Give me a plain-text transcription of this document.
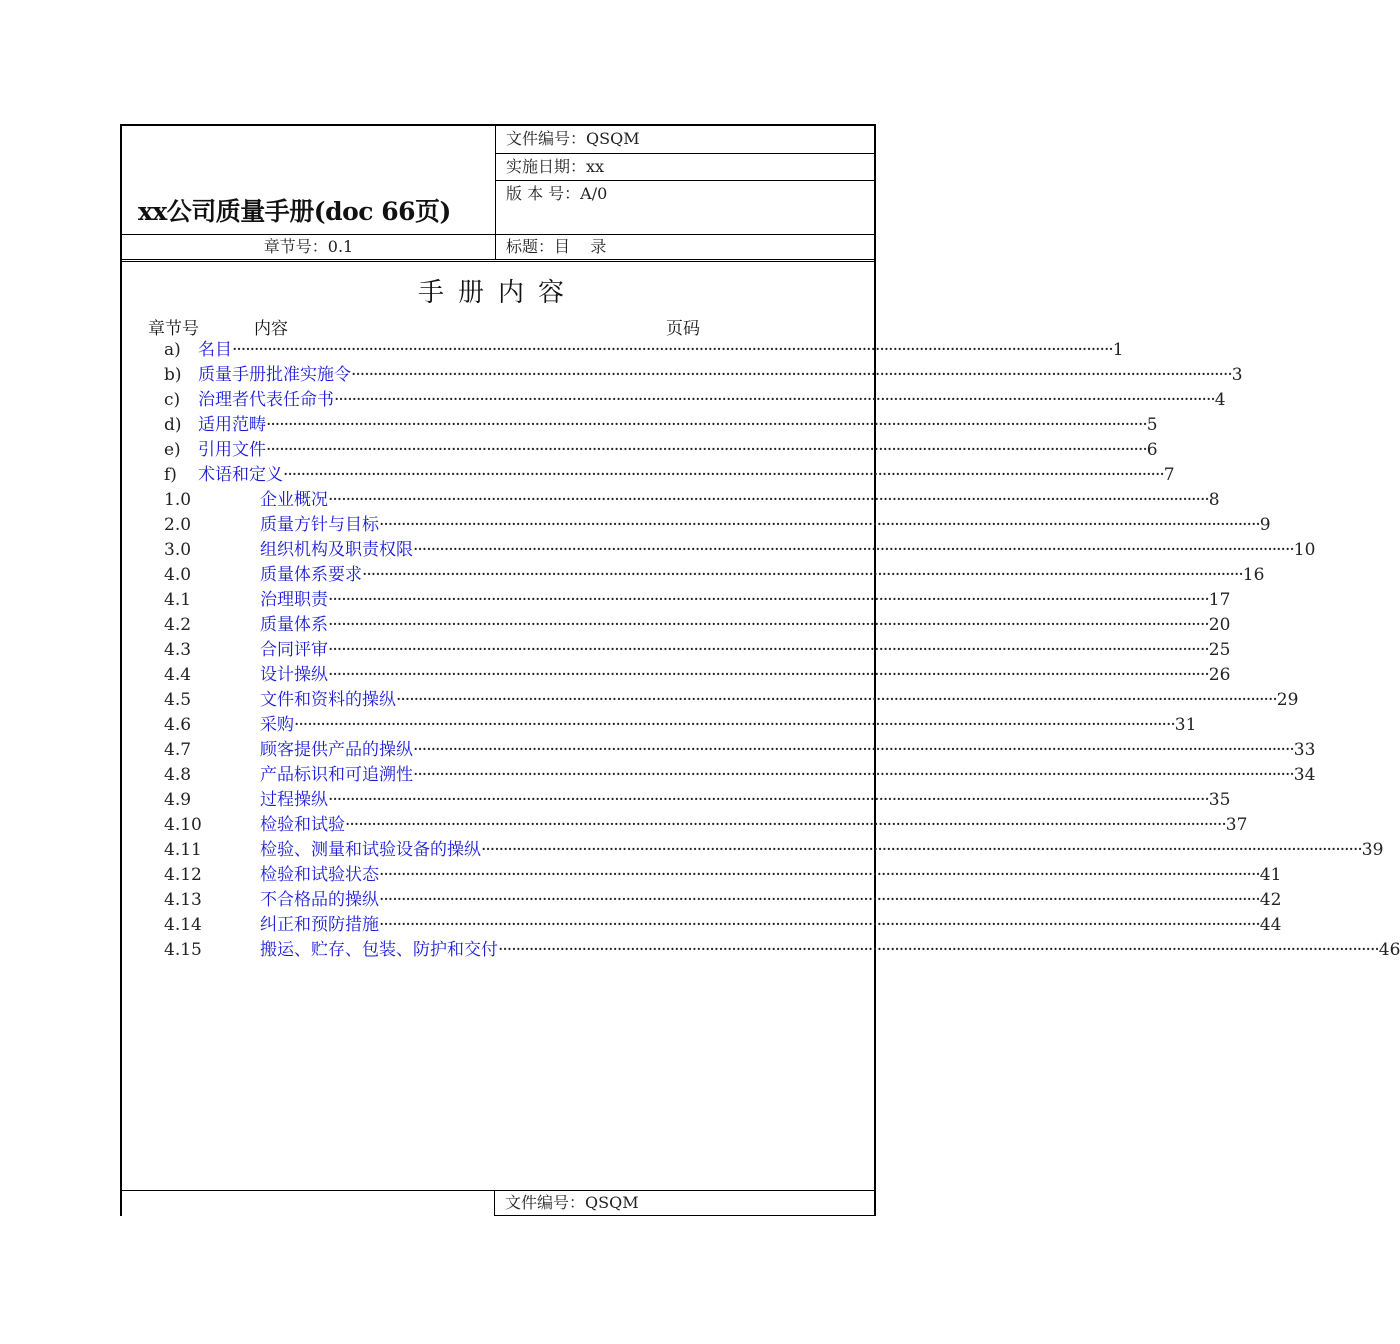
xx公司质量手册(doc 66页)
文件编号：QSQM
实施日期：xx
版 本 号：A/0
章节号：0.1	标题：目    录
手册内容
章节号	内容	页码
a) 名目 ········································································································································································································ 1
b) 质量手册批准实施令 ········································································································································································································ 3
c) 治理者代表任命书 ········································································································································································································ 4
d) 适用范畴 ········································································································································································································ 5
e) 引用文件 ········································································································································································································ 6
f) 术语和定义 ········································································································································································································ 7
1.0	企业概况 ········································································································································································································ 8
2.0	质量方针与目标 ········································································································································································································ 9
3.0	组织机构及职责权限 ········································································································································································································ 10
4.0	质量体系要求 ········································································································································································································ 16
4.1	治理职责 ········································································································································································································ 17
4.2	质量体系 ········································································································································································································ 20
4.3	合同评审 ········································································································································································································ 25
4.4	设计操纵 ········································································································································································································ 26
4.5	文件和资料的操纵 ········································································································································································································ 29
4.6	采购 ········································································································································································································ 31
4.7	顾客提供产品的操纵 ········································································································································································································ 33
4.8	产品标识和可追溯性 ········································································································································································································ 34
4.9	过程操纵 ········································································································································································································ 35
4.10	检验和试验 ········································································································································································································ 37
4.11	检验、测量和试验设备的操纵 ········································································································································································································ 39
4.12	检验和试验状态 ········································································································································································································ 41
4.13	不合格品的操纵 ········································································································································································································ 42
4.14	纠正和预防措施 ········································································································································································································ 44
4.15	搬运、贮存、包装、防护和交付 ········································································································································································································ 46
文件编号：QSQM
